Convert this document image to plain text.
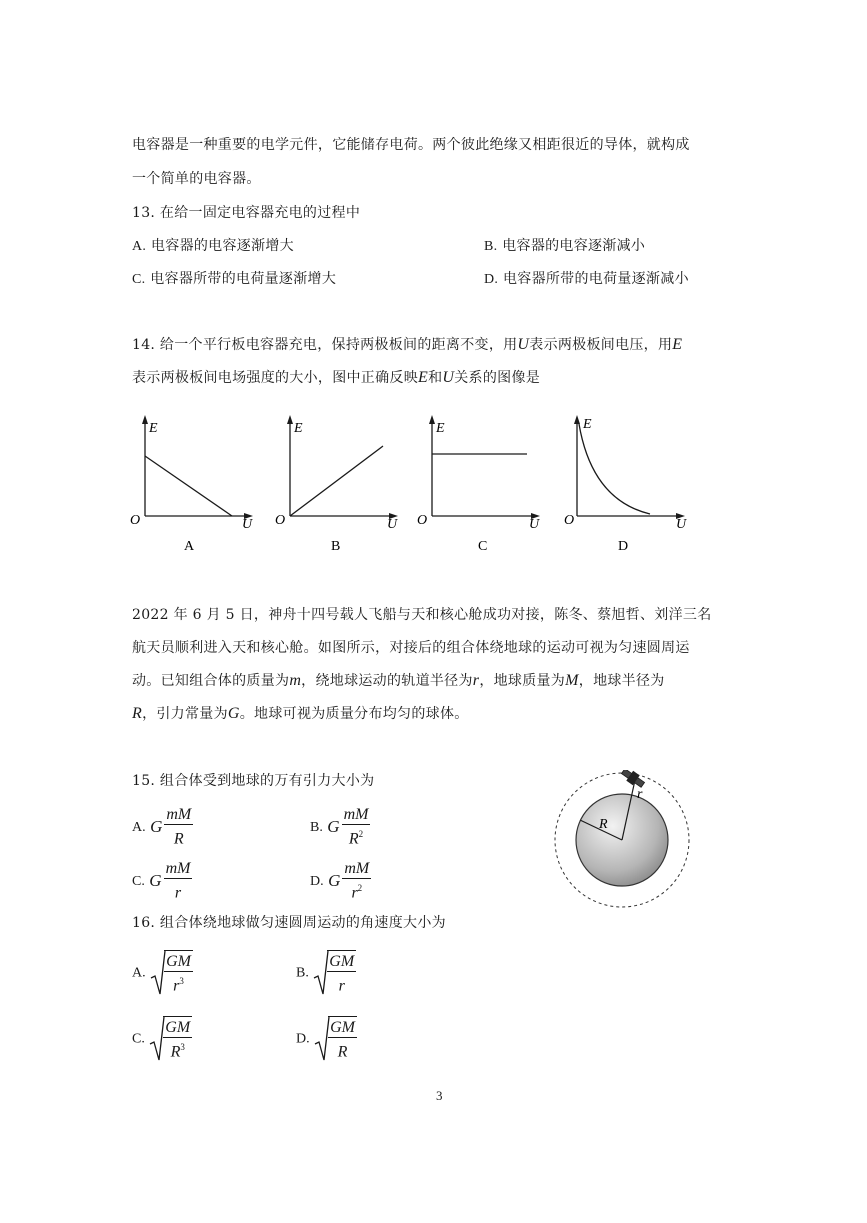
电容器是一种重要的电学元件，它能储存电荷。两个彼此绝缘又相距很近的导体，就构成
一个简单的电容器。
13. 在给一固定电容器充电的过程中
A. 电容器的电容逐渐增大	B. 电容器的电容逐渐减小
C. 电容器所带的电荷量逐渐增大	D. 电容器所带的电荷量逐渐减小
14. 给一个平行板电容器充电，保持两极板间的距离不变，用U表示两极板间电压，用E
表示两极板间电场强度的大小，图中正确反映E和U关系的图像是
E
O	U
A
E
O	U
B
E
O	U
C
E
O	U
D
2022 年 6 月 5 日，神舟十四号载人飞船与天和核心舱成功对接，陈冬、蔡旭哲、刘洋三名
航天员顺利进入天和核心舱。如图所示，对接后的组合体绕地球的运动可视为匀速圆周运
动。已知组合体的质量为m，绕地球运动的轨道半径为r，地球质量为M，地球半径为
R，引力常量为G。地球可视为质量分布均匀的球体。
R
r
15. 组合体受到地球的万有引力大小为
A. G $\frac{mM}{R}$	B. G $\frac{mM}{R^2}$
C. G $\frac{mM}{r}$	D. G $\frac{mM}{r^2}$
16. 组合体绕地球做匀速圆周运动的角速度大小为
A. $\frac{GM}{r^3}$	B. $\frac{GM}{r}$
C. $\frac{GM}{R^3}$	D. $\frac{GM}{R}$
3
